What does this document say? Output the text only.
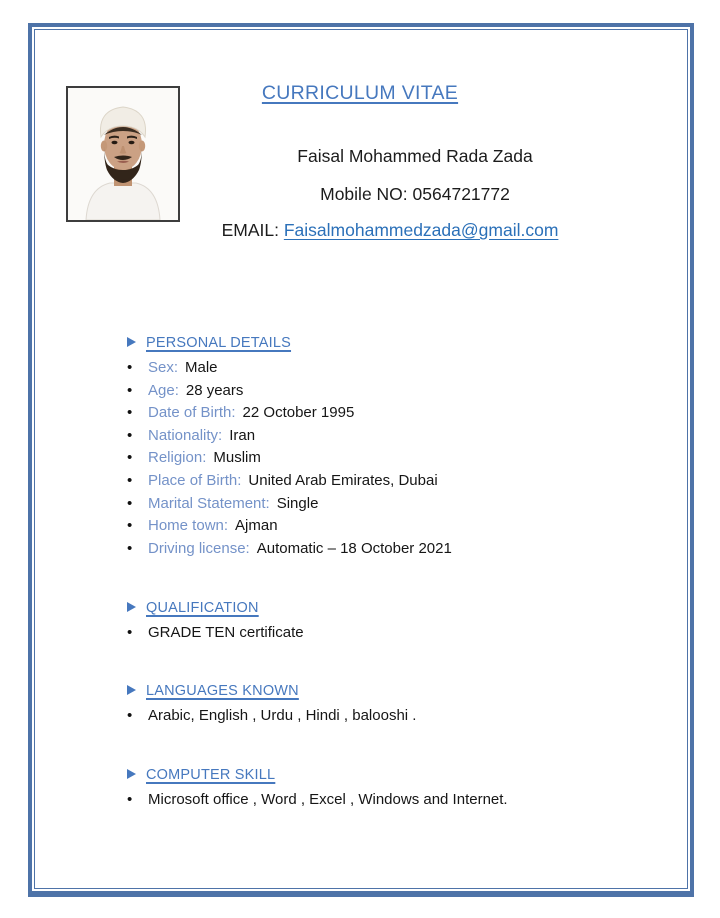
CURRICULUM VITAE
Faisal Mohammed Rada Zada
Mobile NO: 0564721772
EMAIL: Faisalmohammedzada@gmail.com
PERSONAL DETAILS
• Sex: Male
• Age: 28 years
• Date of Birth: 22 October 1995
• Nationality: Iran
• Religion: Muslim
• Place of Birth: United Arab Emirates, Dubai
• Marital Statement: Single
• Home town: Ajman
• Driving license: Automatic – 18 October 2021
QUALIFICATION
• GRADE TEN certificate
LANGUAGES KNOWN
• Arabic, English , Urdu , Hindi , balooshi .
COMPUTER SKILL
• Microsoft office , Word , Excel , Windows and Internet.
